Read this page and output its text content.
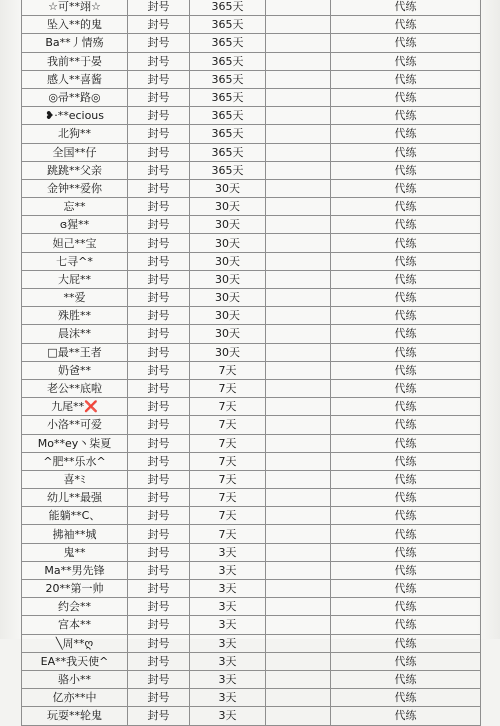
☆可**翊☆	封号	365天		代练
坠入**的鬼	封号	365天		代练
Ba**丿情殇	封号	365天		代练
我前**于晏	封号	365天		代练
感人**喜酱	封号	365天		代练
◎帚**路◎	封号	365天		代练
❥·**ecious	封号	365天		代练
北狗**	封号	365天		代练
全国**仔	封号	365天		代练
跳跳**父亲	封号	365天		代练
金钟**爱你	封号	30天		代练
忘**	封号	30天		代练
ɞ猩**	封号	30天		代练
妲己**宝	封号	30天		代练
七寻^*	封号	30天		代练
大屁**	封号	30天		代练
**爱	封号	30天		代练
殊胜**	封号	30天		代练
晨沫**	封号	30天		代练
□最**王者	封号	30天		代练
奶爸**	封号	7天		代练
老公**底啦	封号	7天		代练
九尾**❌	封号	7天		代练
小洛**可爱	封号	7天		代练
Mo**ey丶柒夏	封号	7天		代练
^肥**乐水^	封号	7天		代练
喜*ﾐ	封号	7天		代练
幼儿**最强	封号	7天		代练
能躺**C、	封号	7天		代练
拂袖**城	封号	7天		代练
鬼**	封号	3天		代练
Ma**男先锋	封号	3天		代练
20**第一帅	封号	3天		代练
约会**	封号	3天		代练
宫本**	封号	3天		代练
╲周**ღ	封号	3天		代练
EA**我天使^	封号	3天		代练
骆小**	封号	3天		代练
亿亦**中	封号	3天		代练
玩耍**轮鬼	封号	3天		代练
